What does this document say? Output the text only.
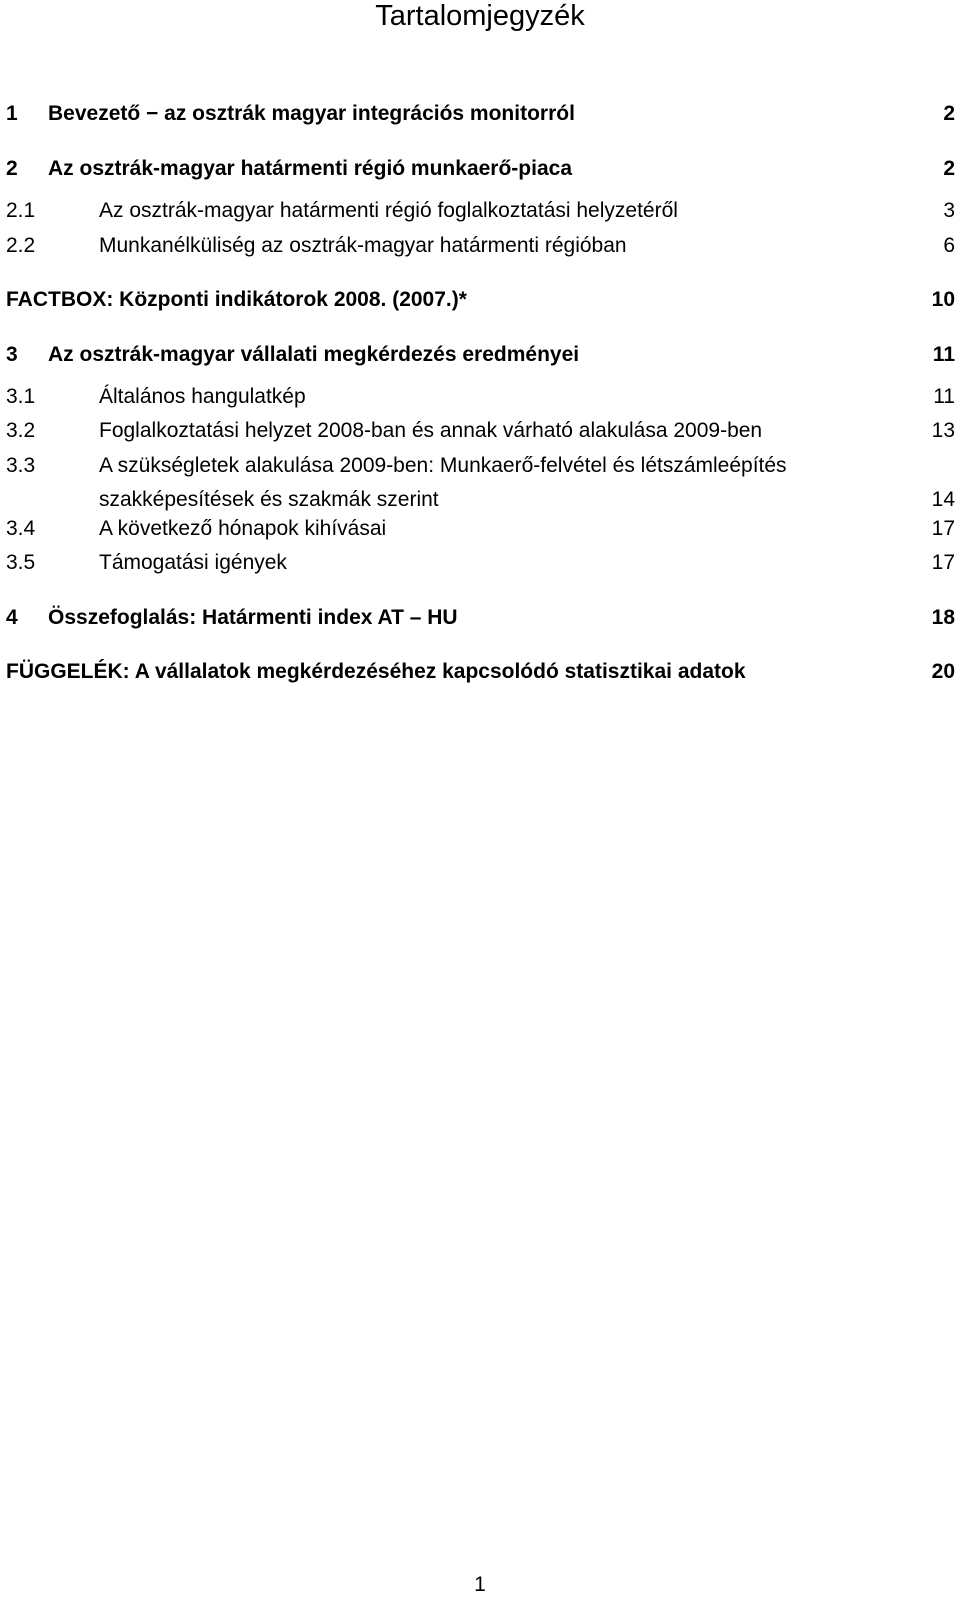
Tartalomjegyzék
1 Bevezető − az osztrák magyar integrációs monitorról	2
2 Az osztrák-magyar határmenti régió munkaerő-piaca	2
2.1	Az osztrák-magyar határmenti régió foglalkoztatási helyzetéről	3
2.2	Munkanélküliség az osztrák-magyar határmenti régióban	6
FACTBOX: Központi indikátorok 2008. (2007.)*	10
3 Az osztrák-magyar vállalati megkérdezés eredményei	11
3.1	Általános hangulatkép	11
3.2	Foglalkoztatási helyzet 2008-ban és annak várható alakulása 2009-ben	13
3.3	A szükségletek alakulása 2009-ben: Munkaerő-felvétel és létszámleépítés
szakképesítések és szakmák szerint	14
3.4	A következő hónapok kihívásai	17
3.5	Támogatási igények	17
4 Összefoglalás: Határmenti index AT – HU	18
FÜGGELÉK: A vállalatok megkérdezéséhez kapcsolódó statisztikai adatok	20
1
